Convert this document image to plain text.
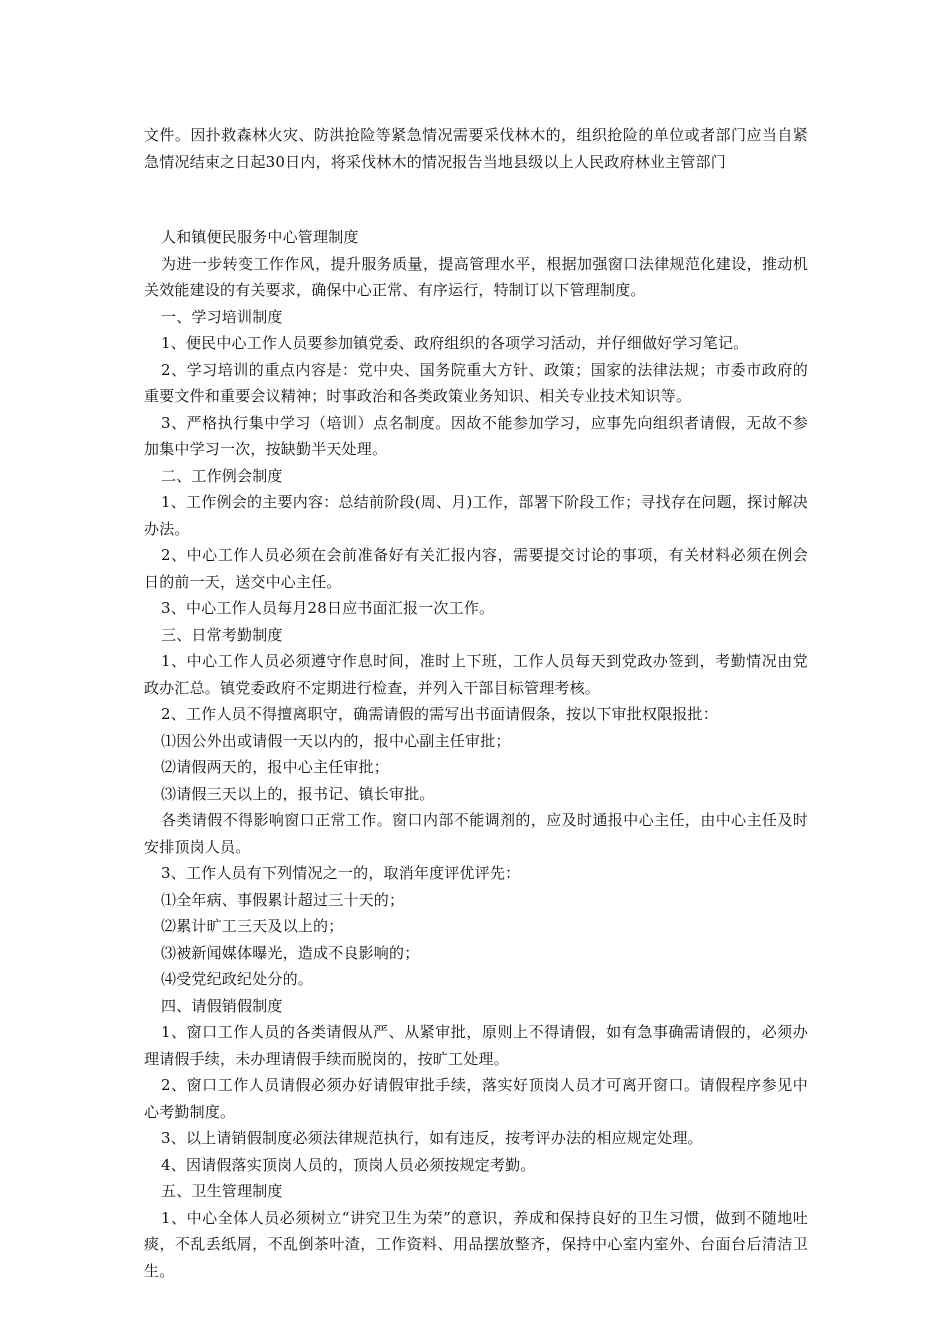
文件。因扑救森林火灾、防洪抢险等紧急情况需要采伐林木的，组织抢险的单位或者部门应当自紧急情况结束之日起30日内，将采伐林木的情况报告当地县级以上人民政府林业主管部门

人和镇便民服务中心管理制度

为进一步转变工作作风，提升服务质量，提高管理水平，根据加强窗口法律规范化建设，推动机关效能建设的有关要求，确保中心正常、有序运行，特制订以下管理制度。

一、学习培训制度

1、便民中心工作人员要参加镇党委、政府组织的各项学习活动，并仔细做好学习笔记。

2、学习培训的重点内容是：党中央、国务院重大方针、政策；国家的法律法规；市委市政府的重要文件和重要会议精神；时事政治和各类政策业务知识、相关专业技术知识等。

3、严格执行集中学习（培训）点名制度。因故不能参加学习，应事先向组织者请假，无故不参加集中学习一次，按缺勤半天处理。

二、工作例会制度

1、工作例会的主要内容：总结前阶段(周、月)工作，部署下阶段工作；寻找存在问题，探讨解决办法。

2、中心工作人员必须在会前准备好有关汇报内容，需要提交讨论的事项，有关材料必须在例会日的前一天，送交中心主任。

3、中心工作人员每月28日应书面汇报一次工作。

三、日常考勤制度

1、中心工作人员必须遵守作息时间，准时上下班，工作人员每天到党政办签到，考勤情况由党政办汇总。镇党委政府不定期进行检查，并列入干部目标管理考核。

2、工作人员不得擅离职守，确需请假的需写出书面请假条，按以下审批权限报批：

⑴因公外出或请假一天以内的，报中心副主任审批；

⑵请假两天的，报中心主任审批；

⑶请假三天以上的，报书记、镇长审批。

各类请假不得影响窗口正常工作。窗口内部不能调剂的，应及时通报中心主任，由中心主任及时安排顶岗人员。

3、工作人员有下列情况之一的，取消年度评优评先：

⑴全年病、事假累计超过三十天的；

⑵累计旷工三天及以上的；

⑶被新闻媒体曝光，造成不良影响的；

⑷受党纪政纪处分的。

四、请假销假制度

1、窗口工作人员的各类请假从严、从紧审批，原则上不得请假，如有急事确需请假的，必须办理请假手续，未办理请假手续而脱岗的，按旷工处理。

2、窗口工作人员请假必须办好请假审批手续，落实好顶岗人员才可离开窗口。请假程序参见中心考勤制度。

3、以上请销假制度必须法律规范执行，如有违反，按考评办法的相应规定处理。

4、因请假落实顶岗人员的，顶岗人员必须按规定考勤。

五、卫生管理制度

1、中心全体人员必须树立“讲究卫生为荣”的意识，养成和保持良好的卫生习惯，做到不随地吐痰，不乱丢纸屑，不乱倒茶叶渣，工作资料、用品摆放整齐，保持中心室内室外、台面台后清洁卫生。
